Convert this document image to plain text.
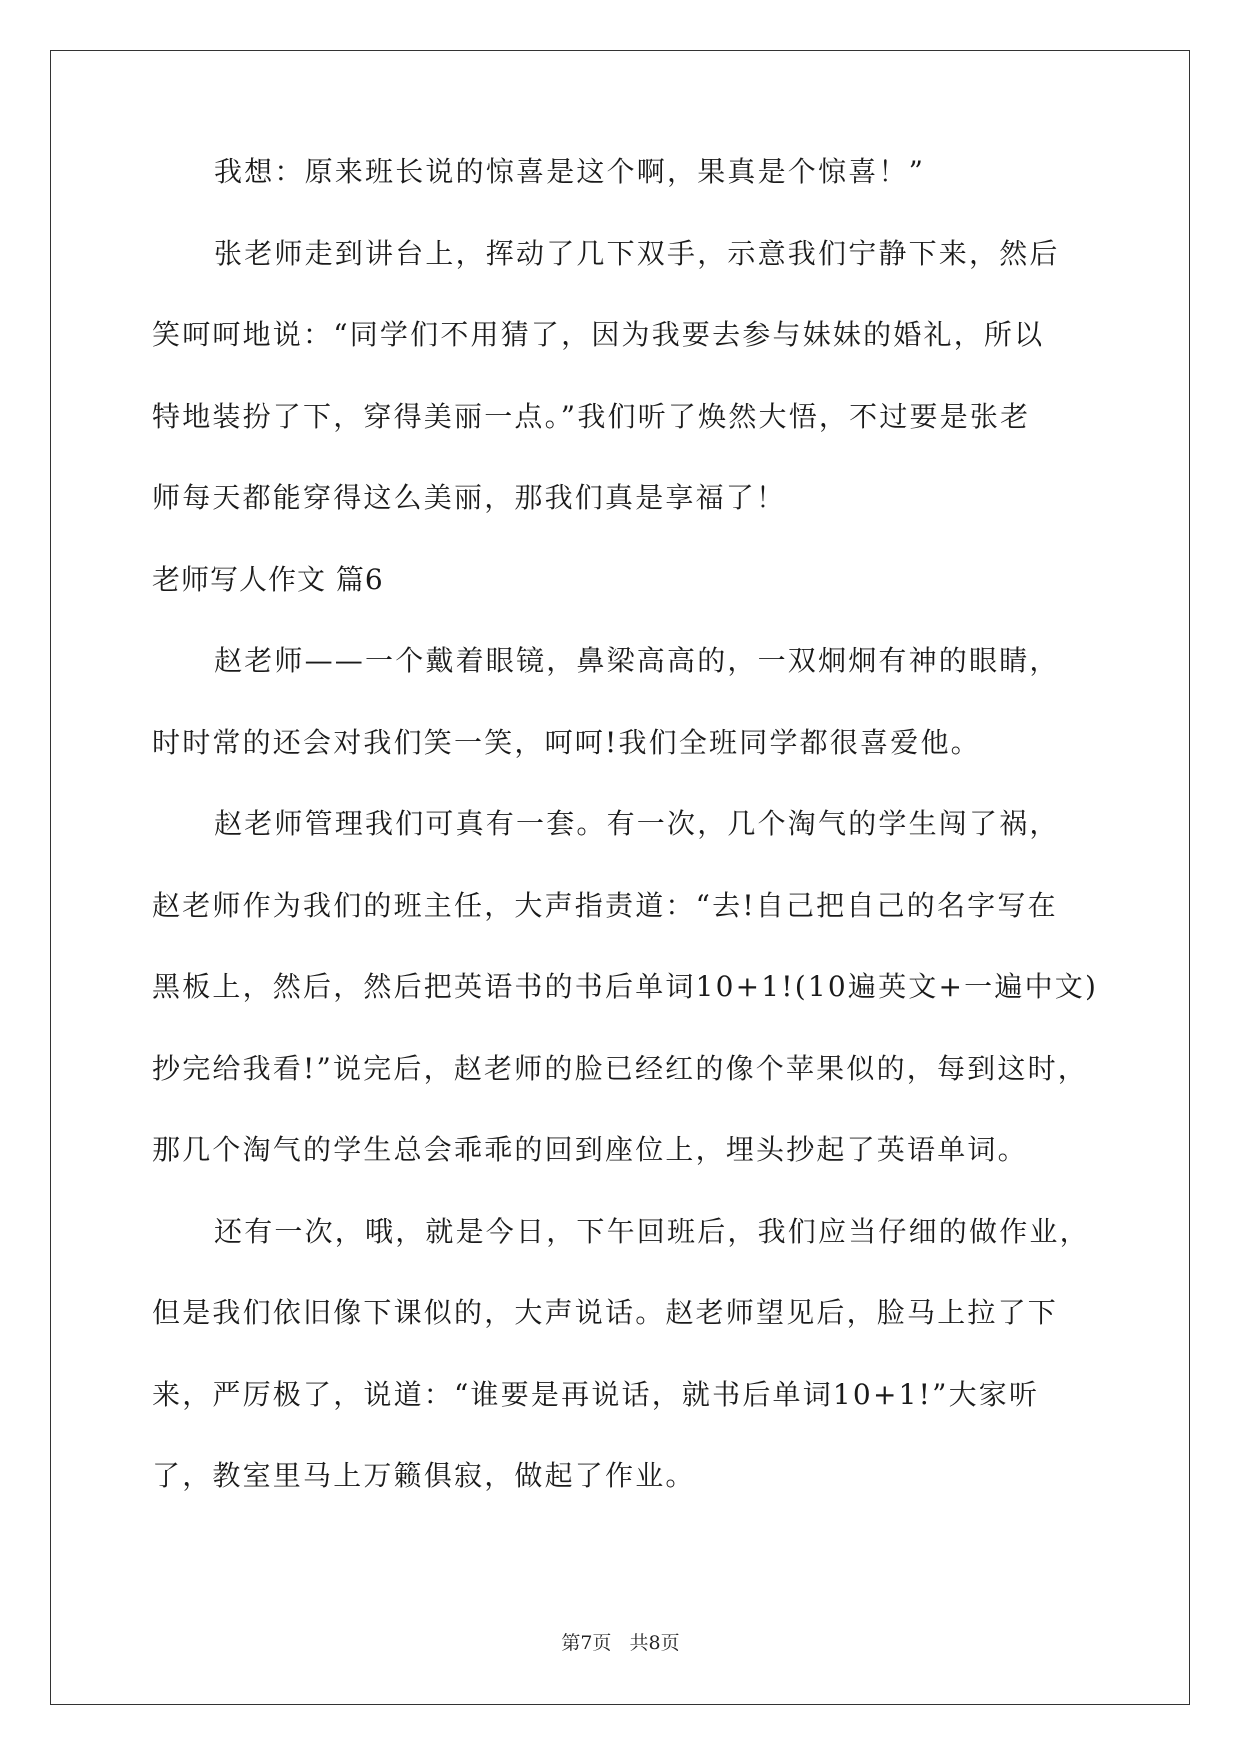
我想：原来班长说的惊喜是这个啊，果真是个惊喜！”
张老师走到讲台上，挥动了几下双手，示意我们宁静下来，然后
笑呵呵地说：“同学们不用猜了，因为我要去参与妹妹的婚礼，所以
特地装扮了下，穿得美丽一点。”我们听了焕然大悟，不过要是张老
师每天都能穿得这么美丽，那我们真是享福了！
老师写人作文 篇6
赵老师——一个戴着眼镜，鼻梁高高的，一双炯炯有神的眼睛，
时时常的还会对我们笑一笑，呵呵!我们全班同学都很喜爱他。
赵老师管理我们可真有一套。有一次，几个淘气的学生闯了祸，
赵老师作为我们的班主任，大声指责道：“去!自己把自己的名字写在
黑板上，然后，然后把英语书的书后单词10+1!(10遍英文+一遍中文)
抄完给我看!”说完后，赵老师的脸已经红的像个苹果似的，每到这时，
那几个淘气的学生总会乖乖的回到座位上，埋头抄起了英语单词。
还有一次，哦，就是今日，下午回班后，我们应当仔细的做作业，
但是我们依旧像下课似的，大声说话。赵老师望见后，脸马上拉了下
来，严厉极了，说道：“谁要是再说话，就书后单词10+1!”大家听
了，教室里马上万籁俱寂，做起了作业。
第7页   共8页
